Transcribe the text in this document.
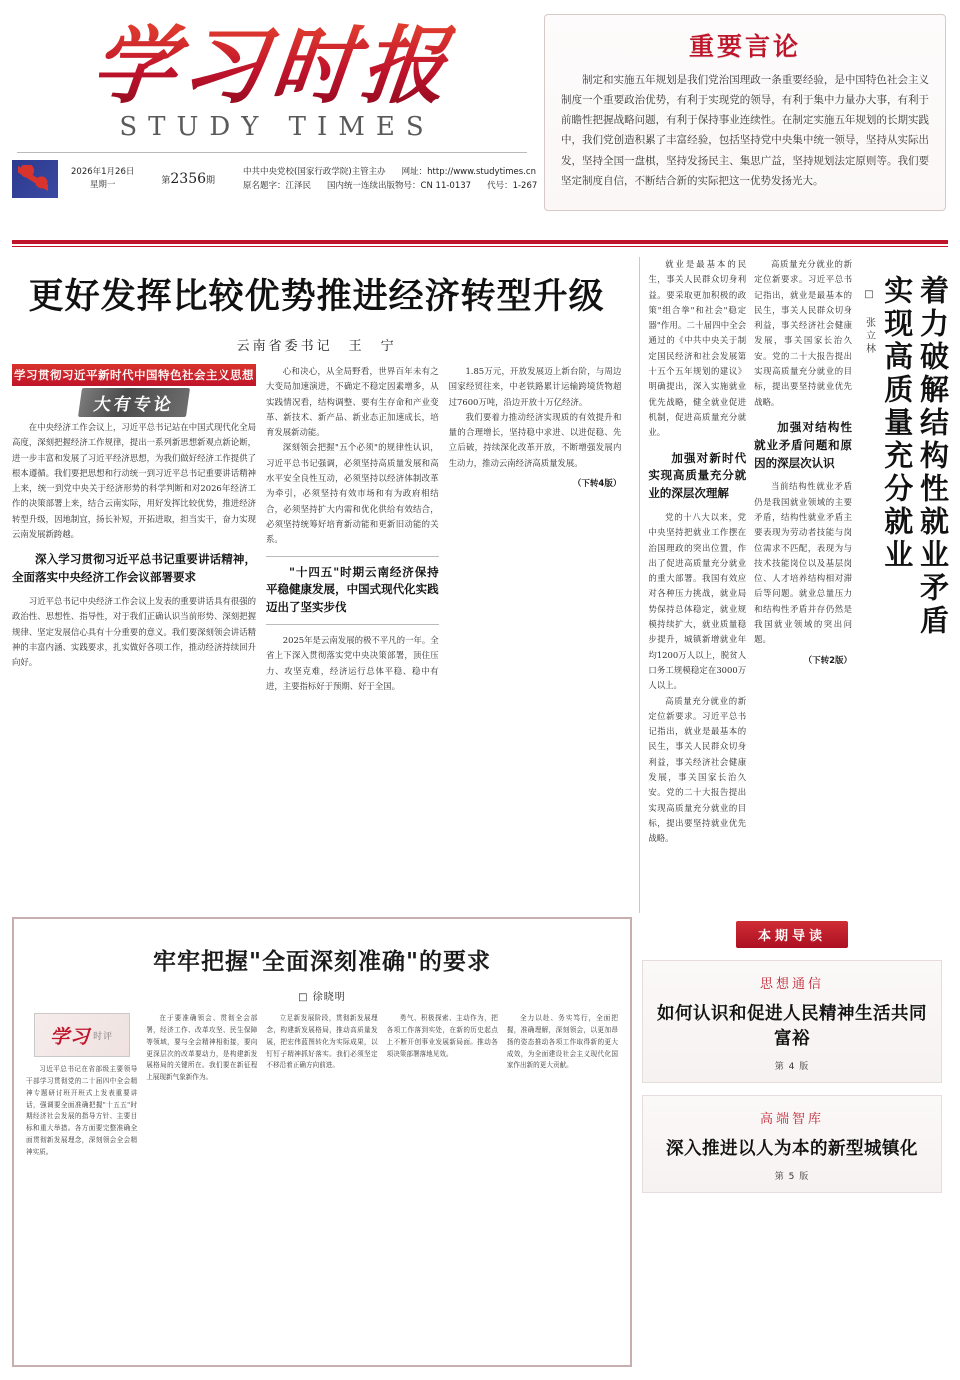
学习时报
STUDY TIMES
2026年1月26日
星期一	第2356期
中共中央党校(国家行政学院)主管主办 网址：http://www.studytimes.cn
原名题字：江泽民 国内统一连续出版物号：CN 11-0137 代号：1-267
重要言论
制定和实施五年规划是我们党治国理政一条重要经验，是中国特色社会主义制度一个重要政治优势，有利于实现党的领导，有利于集中力量办大事，有利于前瞻性把握战略问题，有利于保持事业连续性。在制定实施五年规划的长期实践中，我们党创造积累了丰富经验，包括坚持党中央集中统一领导，坚持从实际出发，坚持全国一盘棋，坚持发扬民主、集思广益，坚持规划法定原则等。我们要坚定制度自信，不断结合新的实际把这一优势发扬光大。
更好发挥比较优势推进经济转型升级
云南省委书记　王　宁
学习贯彻习近平新时代中国特色社会主义思想
大有专论

在中央经济工作会议上，习近平总书记站在中国式现代化全局高度，深刻把握经济工作规律，提出一系列新思想新观点新论断，进一步丰富和发展了习近平经济思想，为我们做好经济工作提供了根本遵循。我们要把思想和行动统一到习近平总书记重要讲话精神上来，统一到党中央关于经济形势的科学判断和对2026年经济工作的决策部署上来，结合云南实际，用好发挥比较优势，推进经济转型升级，因地制宜，扬长补短，开拓进取，担当实干，奋力实现云南发展新跨越。

深入学习贯彻习近平总书记重要讲话精神，全面落实中央经济工作会议部署要求

习近平总书记中央经济工作会议上发表的重要讲话具有很强的政治性、思想性、指导性，对于我们正确认识当前形势、深刻把握规律、坚定发展信心具有十分重要的意义。我们要深刻领会讲话精神的丰富内涵、实践要求，扎实做好各项工作，推动经济持续回升向好。

心和决心，从全局野看，世界百年未有之大变局加速演进，不确定不稳定因素增多，从实践情况看，结构调整、要有生存命和产业变革、新技术、新产品、新业态正加速成长，培育发展新动能。

深刻领会把握"五个必须"的规律性认识，习近平总书记强调，必须坚持高质量发展和高水平安全良性互动，必须坚持以经济体制改革为牵引，必须坚持有效市场和有为政府相结合，必须坚持扩大内需和优化供给有效结合，必须坚持统筹好培育新动能和更新旧动能的关系。

"十四五"时期云南经济保持平稳健康发展，中国式现代化实践迈出了坚实步伐

2025年是云南发展的极不平凡的一年。全省上下深入贯彻落实党中央决策部署，顶住压力、攻坚克难，经济运行总体平稳、稳中有进，主要指标好于预期、好于全国。

1.85万元，开放发展迈上新台阶，与周边国家经贸往来，中老铁路累计运输跨境货物超过7600万吨，沿边开放十万亿经济。

我们要着力推动经济实现质的有效提升和量的合理增长，坚持稳中求进、以进促稳、先立后破，持续深化改革开放，不断增强发展内生动力，推动云南经济高质量发展。

（下转4版）

就业是最基本的民生，事关人民群众切身利益。要采取更加积极的政策"组合拳"和社会"稳定器"作用。二十届四中全会通过的《中共中央关于制定国民经济和社会发展第十五个五年规划的建议》明确提出，深入实施就业优先战略，健全就业促进机制，促进高质量充分就业。

加强对新时代实现高质量充分就业的深层次理解

党的十八大以来，党中央坚持把就业工作摆在治国理政的突出位置，作出了促进高质量充分就业的重大部署。我国有效应对各种压力挑战，就业局势保持总体稳定，就业规模持续扩大，就业质量稳步提升，城镇新增就业年均1200万人以上，脱贫人口务工规模稳定在3000万人以上。

高质量充分就业的新定位新要求。习近平总书记指出，就业是最基本的民生，事关人民群众切身利益，事关经济社会健康发展，事关国家长治久安。党的二十大报告提出实现高质量充分就业的目标，提出要坚持就业优先战略。

高质量充分就业的新定位新要求。习近平总书记指出，就业是最基本的民生，事关人民群众切身利益，事关经济社会健康发展，事关国家长治久安。党的二十大报告提出实现高质量充分就业的目标，提出要坚持就业优先战略。

加强对结构性就业矛盾问题和原因的深层次认识

当前结构性就业矛盾仍是我国就业领域的主要矛盾，结构性就业矛盾主要表现为劳动者技能与岗位需求不匹配，表现为与技术技能岗位以及基层岗位、人才培养结构相对滞后等问题。就业总量压力和结构性矛盾并存仍然是我国就业领域的突出问题。

（下转2版）
着力破解结构性就业矛盾
实现高质量充分就业
□ 张立林
牢牢把握"全面深刻准确"的要求
□ 徐晓明
学习 时评

习近平总书记在省部级主要领导干部学习贯彻党的二十届四中全会精神专题研讨班开班式上发表重要讲话，强调要全面准确把握"十五五"时期经济社会发展的指导方针、主要目标和重大举措。各方面要完整准确全面贯彻新发展理念，深刻领会全会精神实质。

在于要准确领会、贯彻全会部署，经济工作、改革攻坚、民生保障等领域，要与全会精神相衔接，要向更深层次的改革要动力，是构建新发展格局的关键所在。我们要在新征程上展现新气象新作为。

立足新发展阶段，贯彻新发展理念，构建新发展格局，推动高质量发展，把宏伟蓝图转化为实际成果，以钉钉子精神抓好落实。我们必须坚定不移沿着正确方向前进。

勇气、积极探索、主动作为，把各项工作落到实处，在新的历史起点上不断开创事业发展新局面。推动各项决策部署落地见效。

全力以赴、务实笃行，全面把握，准确理解，深刻领会，以更加昂扬的姿态推动各项工作取得新的更大成效，为全面建设社会主义现代化国家作出新的更大贡献。

本期导读
思想通信
如何认识和促进人民精神生活共同富裕
第 4 版
高端智库
深入推进以人为本的新型城镇化
第 5 版
